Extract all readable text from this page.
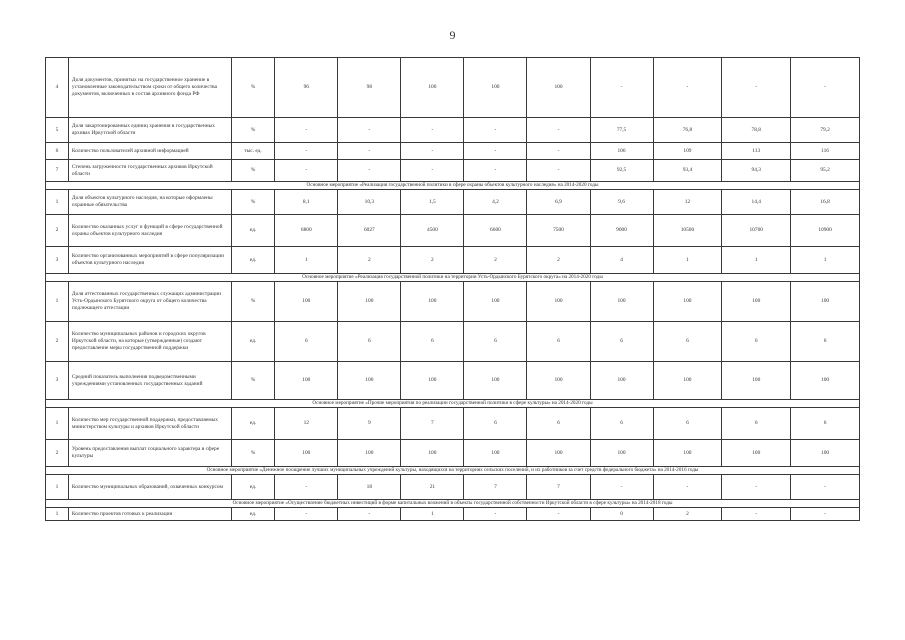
9
4	Доля документов, принятых на государственное хранение в установленные законодательством сроки от общего количества документов, включенных в состав архивного фонда РФ	%	96	98	100	100	100	-	-	-	-
5	Доля закартонированных единиц хранения в государственных архивах Иркутской области	%	-	-	-	-	-	77,5	76,8	78,8	79,2
6	Количество пользователей архивной информацией	тыс. ед.	-	-	-	-	-	106	109	113	116
7	Степень загруженности государственных архивов Иркутской области	%	-	-	-	-	-	92,5	93,4	94,3	95,2
Основное мероприятие «Реализация государственной политики в сфере охраны объектов культурного наследия» на 2014-2020 годы											
1	Доля объектов культурного наследия, на которые оформлены охранные обязательства	%	8,1	10,3	1,5	4,2	6,9	9,6	12	14,4	16,8
2	Количество оказанных услуг и функций в сфере государственной охраны объектов культурного наследия	ед.	6800	6027	4500	6600	7500	9000	10500	10700	10900
3	Количество организованных мероприятий в сфере популяризации объектов культурного наследия	ед.	1	2	2	2	2	4	1	1	1
Основное мероприятие «Реализация государственной политики на территории Усть-Ордынского Бурятского округа» на 2014-2020 годы											
1	Доля аттестованных государственных служащих администрации Усть-Ордынского Бурятского округа от общего количества подлежащего аттестации	%	100	100	100	100	100	100	100	100	100
2	Количество муниципальных районов и городских округов Иркутской области, на которые (утвержденные) создают предоставление меры государственной поддержки	ед.	6	6	6	6	6	6	6	6	6
3	Средний показатель выполнения подведомственными учреждениями установленных государственных заданий	%	100	100	100	100	100	100	100	100	100
Основное мероприятие «Прочие мероприятия по реализации государственной политики в сфере культуры» на 2014-2020 годы											
1	Количество мер государственной поддержки, предоставляемых министерством культуры и архивов Иркутской области	ед.	12	9	7	6	6	6	6	6	6
2	Уровень предоставления выплат социального характера в сфере культуры	%	100	100	100	100	100	100	100	100	100
Основное мероприятие «Денежное поощрение лучших муниципальных учреждений культуры, находящихся на территориях сельских поселений, и их работников за счет средств федерального бюджета» на 2014-2016 годы											
1	Количество муниципальных образований, охваченных конкурсом	ед.	-	18	21	7	7	-	-	-	-
Основное мероприятие «Осуществление бюджетных инвестиций в форме капитальных вложений в объекты государственной собственности Иркутской области в сфере культуры» на 2014-2018 годы											
1	Количество проектов готовых к реализации	ед.	-	-	1	-	-	0	2	-	-
